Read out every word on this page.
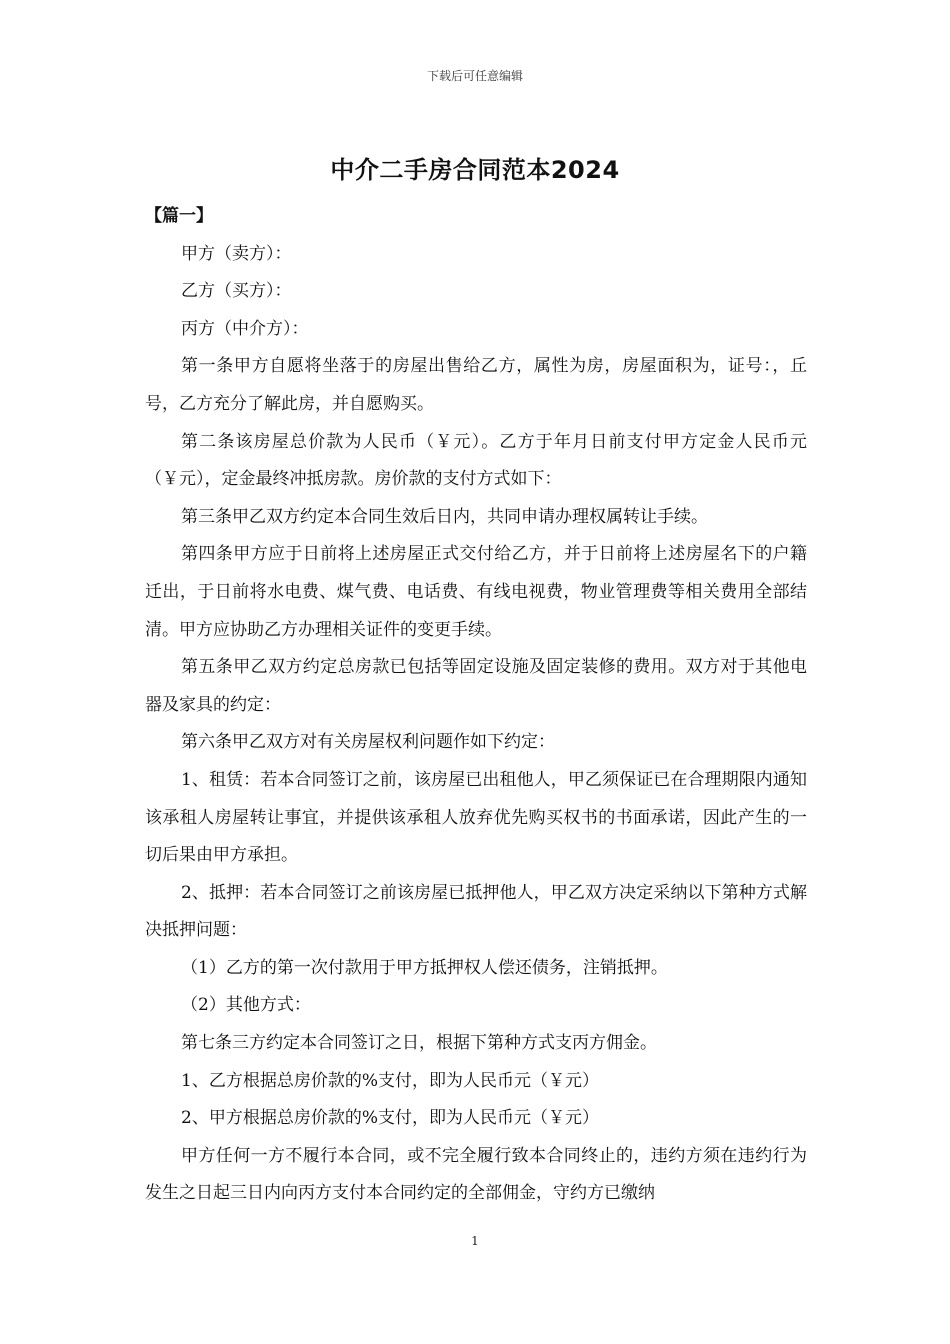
下载后可任意编辑
中介二手房合同范本2024

【篇一】

甲方（卖方）：

乙方（买方）：

丙方（中介方）：

第一条甲方自愿将坐落于的房屋出售给乙方，属性为房，房屋面积为，证号：，丘号，乙方充分了解此房，并自愿购买。

第二条该房屋总价款为人民币（￥元）。乙方于年月日前支付甲方定金人民币元（￥元），定金最终冲抵房款。房价款的支付方式如下：

第三条甲乙双方约定本合同生效后日内，共同申请办理权属转让手续。

第四条甲方应于日前将上述房屋正式交付给乙方，并于日前将上述房屋名下的户籍迁出，于日前将水电费、煤气费、电话费、有线电视费，物业管理费等相关费用全部结清。甲方应协助乙方办理相关证件的变更手续。

第五条甲乙双方约定总房款已包括等固定设施及固定装修的费用。双方对于其他电器及家具的约定：

第六条甲乙双方对有关房屋权利问题作如下约定：

1、租赁：若本合同签订之前，该房屋已出租他人，甲乙须保证已在合理期限内通知该承租人房屋转让事宜，并提供该承租人放弃优先购买权书的书面承诺，因此产生的一切后果由甲方承担。

2、抵押：若本合同签订之前该房屋已抵押他人，甲乙双方决定采纳以下第种方式解决抵押问题：

（1）乙方的第一次付款用于甲方抵押权人偿还债务，注销抵押。

（2）其他方式：

第七条三方约定本合同签订之日，根据下第种方式支丙方佣金。

1、乙方根据总房价款的%支付，即为人民币元（￥元）

2、甲方根据总房价款的%支付，即为人民币元（￥元）

甲方任何一方不履行本合同，或不完全履行致本合同终止的，违约方须在违约行为发生之日起三日内向丙方支付本合同约定的全部佣金，守约方已缴纳

1
